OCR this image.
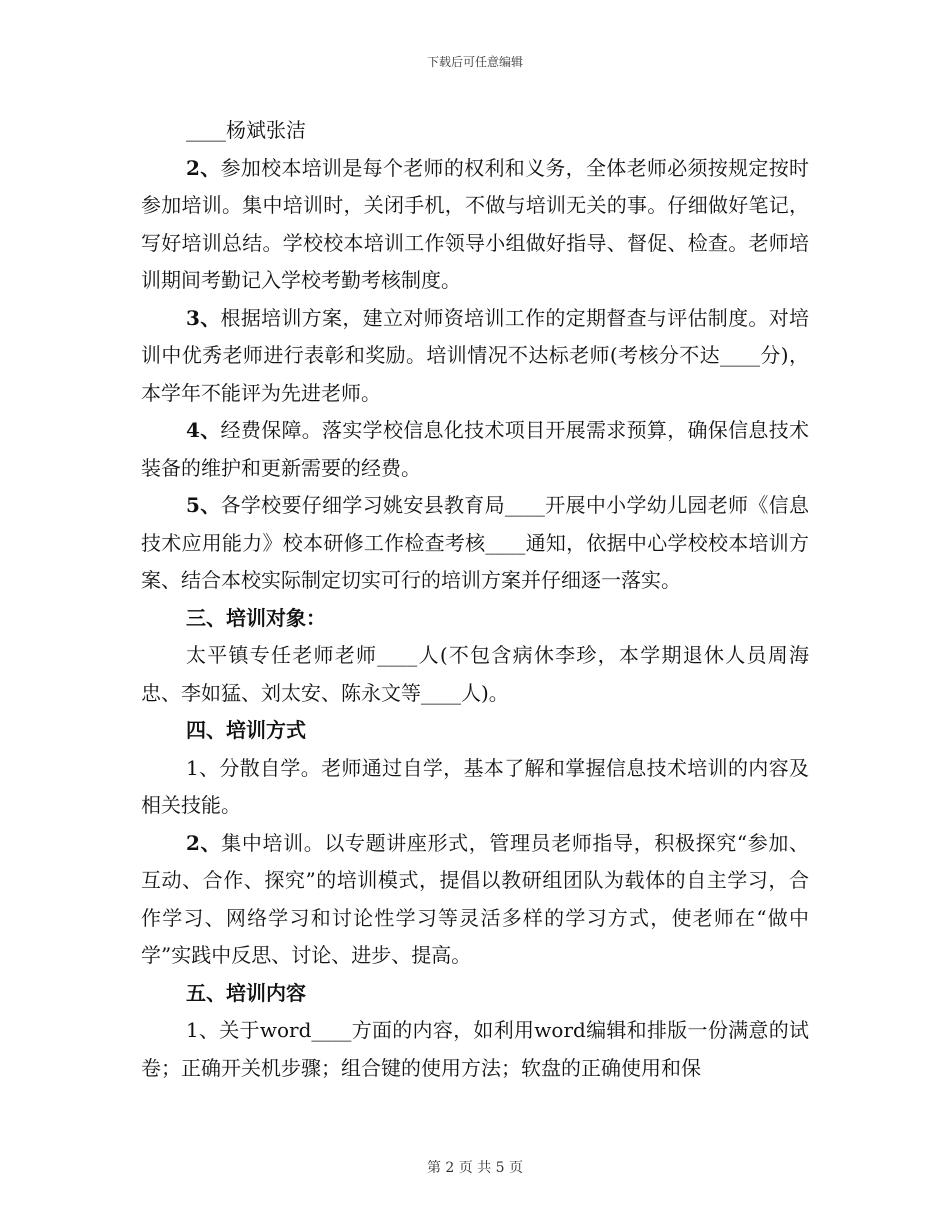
下载后可任意编辑

____杨斌张洁

2、参加校本培训是每个老师的权利和义务，全体老师必须按规定按时参加培训。集中培训时，关闭手机，不做与培训无关的事。仔细做好笔记，写好培训总结。学校校本培训工作领导小组做好指导、督促、检查。老师培训期间考勤记入学校考勤考核制度。

3、根据培训方案，建立对师资培训工作的定期督查与评估制度。对培训中优秀老师进行表彰和奖励。培训情况不达标老师(考核分不达____分)，本学年不能评为先进老师。

4、经费保障。落实学校信息化技术项目开展需求预算，确保信息技术装备的维护和更新需要的经费。

5、各学校要仔细学习姚安县教育局____开展中小学幼儿园老师《信息技术应用能力》校本研修工作检查考核____通知，依据中心学校校本培训方案、结合本校实际制定切实可行的培训方案并仔细逐一落实。

三、培训对象：

太平镇专任老师老师____人(不包含病休李珍，本学期退休人员周海忠、李如猛、刘太安、陈永文等____人)。

四、培训方式

1、分散自学。老师通过自学，基本了解和掌握信息技术培训的内容及相关技能。

2、集中培训。以专题讲座形式，管理员老师指导，积极探究“参加、互动、合作、探究”的培训模式，提倡以教研组团队为载体的自主学习，合作学习、网络学习和讨论性学习等灵活多样的学习方式，使老师在“做中学”实践中反思、讨论、进步、提高。

五、培训内容

1、关于word____方面的内容，如利用word编辑和排版一份满意的试卷；正确开关机步骤；组合键的使用方法；软盘的正确使用和保

第 2 页 共 5 页
